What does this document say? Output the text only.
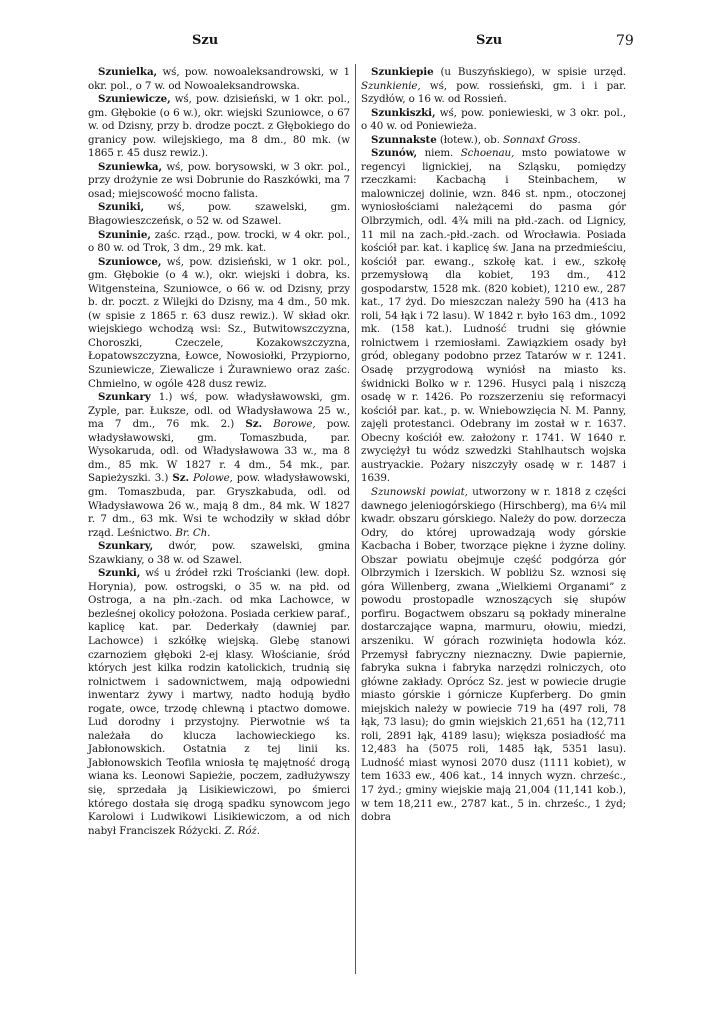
Szu	Szu	79

Szunielka, wś, pow. nowoaleksandrowski, w 1 okr. pol., o 7 w. od Nowoaleksandrowska.

Szuniewicze, wś, pow. dzisieński, w 1 okr. pol., gm. Głębokie (o 6 w.), okr. wiejski Szuniowce, o 67 w. od Dzisny, przy b. drodze poczt. z Głębokiego do granicy pow. wilejskiego, ma 8 dm., 80 mk. (w 1865 r. 45 dusz rewiz.).

Szuniewka, wś, pow. borysowski, w 3 okr. pol., przy drożynie ze wsi Dobrunie do Raszkówki, ma 7 osad; miejscowość mocno falista.

Szuniki, wś, pow. szawelski, gm. Błagowieszczeńsk, o 52 w. od Szawel.

Szuninie, zaśc. rząd., pow. trocki, w 4 okr. pol., o 80 w. od Trok, 3 dm., 29 mk. kat.

Szuniowce, wś, pow. dzisieński, w 1 okr. pol., gm. Głębokie (o 4 w.), okr. wiejski i dobra, ks. Witgensteina, Szuniowce, o 66 w. od Dzisny, przy b. dr. poczt. z Wilejki do Dzisny, ma 4 dm., 50 mk. (w spisie z 1865 r. 63 dusz rewiz.). W skład okr. wiejskiego wchodzą wsi: Sz., Butwitowszczyzna, Choroszki, Czeczele, Kozakowszczyzna, Łopatowszczyzna, Łowce, Nowosiołki, Przypiorno, Szuniewicze, Ziewalicze i Żurawniewo oraz zaśc. Chmielno, w ogóle 428 dusz rewiz.

Szunkary 1.) wś, pow. władysławowski, gm. Zyple, par. Łuksze, odl. od Władysławowa 25 w., ma 7 dm., 76 mk. 2.) Sz. Borowe, pow. władysławowski, gm. Tomaszbuda, par. Wysokaruda, odl. od Władysławowa 33 w., ma 8 dm., 85 mk. W 1827 r. 4 dm., 54 mk., par. Sapieżyszki. 3.) Sz. Polowe, pow. władysławowski, gm. Tomaszbuda, par. Gryszkabuda, odl. od Władysławowa 26 w., mają 8 dm., 84 mk. W 1827 r. 7 dm., 63 mk. Wsi te wchodziły w skład dóbr rząd. Leśnictwo. Br. Ch.

Szunkary, dwór, pow. szawelski, gmina Szawkiany, o 38 w. od Szawel.

Szunki, wś u źródeł rzki Trościanki (lew. dopł. Horynia), pow. ostrogski, o 35 w. na płd. od Ostroga, a na płn.-zach. od mka Lachowce, w bezleśnej okolicy położona. Posiada cerkiew paraf., kaplicę kat. par. Dederkały (dawniej par. Lachowce) i szkółkę wiejską. Glebę stanowi czarnoziem głęboki 2-ej klasy. Włościanie, śród których jest kilka rodzin katolickich, trudnią się rolnictwem i sadownictwem, mają odpowiedni inwentarz żywy i martwy, nadto hodują bydło rogate, owce, trzodę chlewną i ptactwo domowe. Lud dorodny i przystojny. Pierwotnie wś ta należała do klucza lachowieckiego ks. Jabłonowskich. Ostatnia z tej linii ks. Jabłonowskich Teofila wniosła tę majętność drogą wiana ks. Leonowi Sapieżie, poczem, zadłużywszy się, sprzedała ją Lisikiewiczowi, po śmierci którego dostała się drogą spadku synowcom jego Karolowi i Ludwikowi Lisikiewiczom, a od nich nabył Franciszek Różycki. Z. Róż.

Szunkiepie (u Buszyńskiego), w spisie urzęd. Szunkienie, wś, pow. rossieński, gm. i i par. Szydłów, o 16 w. od Rossień.

Szunkiszki, wś, pow. poniewieski, w 3 okr. pol., o 40 w. od Poniewieża.

Szunnakste (łotew.), ob. Sonnaxt Gross.

Szunów, niem. Schoenau, msto powiatowe w regencyi lignickiej, na Szląsku, pomiędzy rzeczkami: Kacbachą i Steinbachem, w malowniczej dolinie, wzn. 846 st. npm., otoczonej wyniosłościami należącemi do pasma gór Olbrzymich, odl. 4¾ mili na płd.-zach. od Lignicy, 11 mil na zach.-płd.-zach. od Wrocławia. Posiada kościół par. kat. i kaplicę św. Jana na przedmieściu, kościół par. ewang., szkołę kat. i ew., szkołę przemysłową dla kobiet, 193 dm., 412 gospodarstw, 1528 mk. (820 kobiet), 1210 ew., 287 kat., 17 żyd. Do mieszczan należy 590 ha (413 ha roli, 54 łąk i 72 lasu). W 1842 r. było 163 dm., 1092 mk. (158 kat.). Ludność trudni się głównie rolnictwem i rzemiosłami. Zawiązkiem osady był gród, oblegany podobno przez Tatarów w r. 1241. Osadę przygrodową wyniósł na miasto ks. świdnicki Bolko w r. 1296. Husyci palą i niszczą osadę w r. 1426. Po rozszerzeniu się reformacyi kościół par. kat., p. w. Wniebowzięcia N. M. Panny, zajęli protestanci. Odebrany im został w r. 1637. Obecny kościół ew. założony r. 1741. W 1640 r. zwyciężył tu wódz szwedzki Stahlhautsch wojska austryackie. Pożary niszczyły osadę w r. 1487 i 1639.

Szunowski powiat, utworzony w r. 1818 z części dawnego jeleniogórskiego (Hirschberg), ma 6¼ mil kwadr. obszaru górskiego. Należy do pow. dorzecza Odry, do której uprowadzają wody górskie Kacbacha i Bober, tworzące piękne i żyzne doliny. Obszar powiatu obejmuje część podgórza gór Olbrzymich i Izerskich. W pobliżu Sz. wznosi się góra Willenberg, zwana „Wielkiemi Organami” z powodu prostopadle wznoszących się słupów porfiru. Bogactwem obszaru są pokłady mineralne dostarczające wapna, marmuru, ołowiu, miedzi, arszeniku. W górach rozwinięta hodowla kóz. Przemysł fabryczny nieznaczny. Dwie papiernie, fabryka sukna i fabryka narzędzi rolniczych, oto główne zakłady. Oprócz Sz. jest w powiecie drugie miasto górskie i górnicze Kupferberg. Do gmin miejskich należy w powiecie 719 ha (497 roli, 78 łąk, 73 lasu); do gmin wiejskich 21,651 ha (12,711 roli, 2891 łąk, 4189 lasu); większa posiadłość ma 12,483 ha (5075 roli, 1485 łąk, 5351 lasu). Ludność miast wynosi 2070 dusz (1111 kobiet), w tem 1633 ew., 406 kat., 14 innych wyzn. chrześc., 17 żyd.; gminy wiejskie mają 21,004 (11,141 kob.), w tem 18,211 ew., 2787 kat., 5 in. chrześc., 1 żyd; dobra
